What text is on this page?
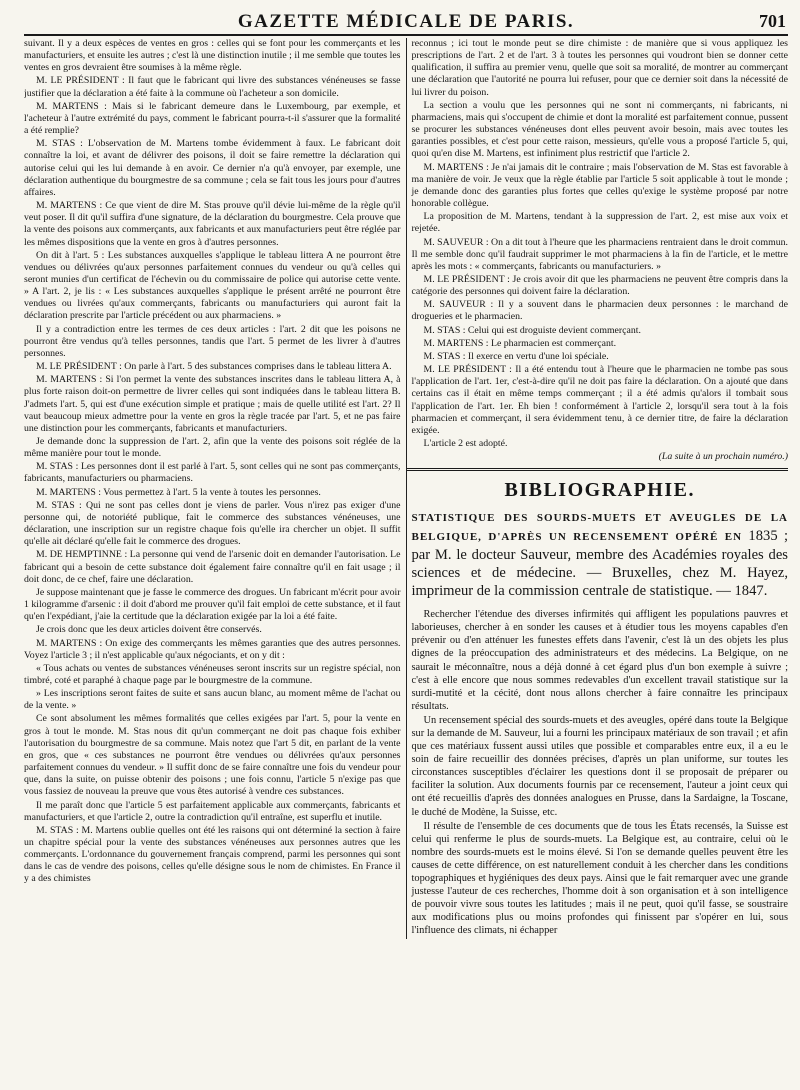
GAZETTE MÉDICALE DE PARIS.	701

suivant. Il y a deux espèces de ventes en gros : celles qui se font pour les commerçants et les manufacturiers, et ensuite les autres ; c'est là une distinction inutile ; il me semble que toutes les ventes en gros devraient être soumises à la même règle.

M. LE PRÉSIDENT : Il faut que le fabricant qui livre des substances vénéneuses se fasse justifier que la déclaration a été faite à la commune où l'acheteur a son domicile.

M. MARTENS : Mais si le fabricant demeure dans le Luxembourg, par exemple, et l'acheteur à l'autre extrémité du pays, comment le fabricant pourra-t-il s'assurer que la formalité a été remplie?

M. STAS : L'observation de M. Martens tombe évidemment à faux. Le fabricant doit connaître la loi, et avant de délivrer des poisons, il doit se faire remettre la déclaration qui autorise celui qui les lui demande à en avoir. Ce dernier n'a qu'à envoyer, par exemple, une déclaration authentique du bourgmestre de sa commune ; cela se fait tous les jours pour d'autres affaires.

M. MARTENS : Ce que vient de dire M. Stas prouve qu'il dévie lui-même de la règle qu'il veut poser. Il dit qu'il suffira d'une signature, de la déclaration du bourgmestre. Cela prouve que la vente des poisons aux commerçants, aux fabricants et aux manufacturiers peut être réglée par les mêmes dispositions que la vente en gros à d'autres personnes.

On dit à l'art. 5 : Les substances auxquelles s'applique le tableau littera A ne pourront être vendues ou délivrées qu'aux personnes parfaitement connues du vendeur ou qu'à celles qui seront munies d'un certificat de l'échevin ou du commissaire de police qui autorise cette vente. » A l'art. 2, je lis : « Les substances auxquelles s'applique le présent arrêté ne pourront être vendues ou livrées qu'aux commerçants, fabricants ou manufacturiers qui auront fait la déclaration prescrite par l'article précédent ou aux pharmaciens. »

Il y a contradiction entre les termes de ces deux articles : l'art. 2 dit que les poisons ne pourront être vendus qu'à telles personnes, tandis que l'art. 5 permet de les livrer à d'autres personnes.

M. LE PRÉSIDENT : On parle à l'art. 5 des substances comprises dans le tableau littera A.

M. MARTENS : Si l'on permet la vente des substances inscrites dans le tableau littera A, à plus forte raison doit-on permettre de livrer celles qui sont indiquées dans le tableau littera B. J'admets l'art. 5, qui est d'une exécution simple et pratique ; mais de quelle utilité est l'art. 2? Il vaut beaucoup mieux admettre pour la vente en gros la règle tracée par l'art. 5, et ne pas faire une distinction pour les commerçants, fabricants et manufacturiers.

Je demande donc la suppression de l'art. 2, afin que la vente des poisons soit réglée de la même manière pour tout le monde.

M. STAS : Les personnes dont il est parlé à l'art. 5, sont celles qui ne sont pas commerçants, fabricants, manufacturiers ou pharmaciens.

M. MARTENS : Vous permettez à l'art. 5 la vente à toutes les personnes.

M. STAS : Qui ne sont pas celles dont je viens de parler. Vous n'irez pas exiger d'une personne qui, de notoriété publique, fait le commerce des substances vénéneuses, une déclaration, une inscription sur un registre chaque fois qu'elle ira chercher un objet. Il suffit qu'elle ait déclaré qu'elle fait le commerce des drogues.

M. DE HEMPTINNE : La personne qui vend de l'arsenic doit en demander l'autorisation. Le fabricant qui a besoin de cette substance doit également faire connaître qu'il en fait usage ; il doit donc, de ce chef, faire une déclaration.

Je suppose maintenant que je fasse le commerce des drogues. Un fabricant m'écrit pour avoir 1 kilogramme d'arsenic : il doit d'abord me prouver qu'il fait emploi de cette substance, et il faut qu'en l'expédiant, j'aie la certitude que la déclaration exigée par la loi a été faite.

Je crois donc que les deux articles doivent être conservés.

M. MARTENS : On exige des commerçants les mêmes garanties que des autres personnes. Voyez l'article 3 ; il n'est applicable qu'aux négociants, et on y dit :

« Tous achats ou ventes de substances vénéneuses seront inscrits sur un registre spécial, non timbré, coté et paraphé à chaque page par le bourgmestre de la commune.

» Les inscriptions seront faites de suite et sans aucun blanc, au moment même de l'achat ou de la vente. »

Ce sont absolument les mêmes formalités que celles exigées par l'art. 5, pour la vente en gros à tout le monde. M. Stas nous dit qu'un commerçant ne doit pas chaque fois exhiber l'autorisation du bourgmestre de sa commune. Mais notez que l'art 5 dit, en parlant de la vente en gros, que « ces substances ne pourront être vendues ou délivrées qu'aux personnes parfaitement connues du vendeur. » Il suffit donc de se faire connaître une fois du vendeur pour que, dans la suite, on puisse obtenir des poisons ; une fois connu, l'article 5 n'exige pas que vous fassiez de nouveau la preuve que vous êtes autorisé à vendre ces substances.

Il me paraît donc que l'article 5 est parfaitement applicable aux commerçants, fabricants et manufacturiers, et que l'article 2, outre la contradiction qu'il entraîne, est superflu et inutile.

M. STAS : M. Martens oublie quelles ont été les raisons qui ont déterminé la section à faire un chapitre spécial pour la vente des substances vénéneuses aux personnes autres que les commerçants. L'ordonnance du gouvernement français comprend, parmi les personnes qui sont dans le cas de vendre des poisons, celles qu'elle désigne sous le nom de chimistes. En France il y a des chimistes

reconnus ; ici tout le monde peut se dire chimiste : de manière que si vous appliquez les prescriptions de l'art. 2 et de l'art. 3 à toutes les personnes qui voudront bien se donner cette qualification, il suffira au premier venu, quelle que soit sa moralité, de montrer au commerçant une déclaration que l'autorité ne pourra lui refuser, pour que ce dernier soit dans la nécessité de lui livrer du poison.

La section a voulu que les personnes qui ne sont ni commerçants, ni fabricants, ni pharmaciens, mais qui s'occupent de chimie et dont la moralité est parfaitement connue, pussent se procurer les substances vénéneuses dont elles peuvent avoir besoin, mais avec toutes les garanties possibles, et c'est pour cette raison, messieurs, qu'elle vous a proposé l'article 5, qui, quoi qu'en dise M. Martens, est infiniment plus restrictif que l'article 2.

M. MARTENS : Je n'ai jamais dit le contraire ; mais l'observation de M. Stas est favorable à ma manière de voir. Je veux que la règle établie par l'article 5 soit applicable à tout le monde ; je demande donc des garanties plus fortes que celles qu'exige le système proposé par notre honorable collègue.

La proposition de M. Martens, tendant à la suppression de l'art. 2, est mise aux voix et rejetée.

M. SAUVEUR : On a dit tout à l'heure que les pharmaciens rentraient dans le droit commun. Il me semble donc qu'il faudrait supprimer le mot pharmaciens à la fin de l'article, et le mettre après les mots : « commerçants, fabricants ou manufacturiers. »

M. LE PRÉSIDENT : Je crois avoir dit que les pharmaciens ne peuvent être compris dans la catégorie des personnes qui doivent faire la déclaration.

M. SAUVEUR : Il y a souvent dans le pharmacien deux personnes : le marchand de drogueries et le pharmacien.

M. STAS : Celui qui est droguiste devient commerçant.

M. MARTENS : Le pharmacien est commerçant.

M. STAS : Il exerce en vertu d'une loi spéciale.

M. LE PRÉSIDENT : Il a été entendu tout à l'heure que le pharmacien ne tombe pas sous l'application de l'art. 1er, c'est-à-dire qu'il ne doit pas faire la déclaration. On a ajouté que dans certains cas il était en même temps commerçant ; il a été admis qu'alors il tombait sous l'application de l'art. 1er. Eh bien ! conformément à l'article 2, lorsqu'il sera tout à la fois pharmacien et commerçant, il sera évidemment tenu, à ce dernier titre, de faire la déclaration exigée.

L'article 2 est adopté.

(La suite à un prochain numéro.)

BIBLIOGRAPHIE.

STATISTIQUE DES SOURDS-MUETS ET AVEUGLES DE LA BELGIQUE, D'APRÈS UN RECENSEMENT OPÉRÉ EN 1835 ; par M. le docteur Sauveur, membre des Académies royales des sciences et de médecine. — Bruxelles, chez M. Hayez, imprimeur de la commission centrale de statistique. — 1847.

Rechercher l'étendue des diverses infirmités qui affligent les populations pauvres et laborieuses, chercher à en sonder les causes et à étudier tous les moyens capables d'en prévenir ou d'en atténuer les funestes effets dans l'avenir, c'est là un des objets les plus dignes de la préoccupation des administrateurs et des médecins. La Belgique, on ne saurait le méconnaître, nous a déjà donné à cet égard plus d'un bon exemple à suivre ; c'est à elle encore que nous sommes redevables d'un excellent travail statistique sur la surdi-mutité et la cécité, dont nous allons chercher à faire connaître les principaux résultats.

Un recensement spécial des sourds-muets et des aveugles, opéré dans toute la Belgique sur la demande de M. Sauveur, lui a fourni les principaux matériaux de son travail ; et afin que ces matériaux fussent aussi utiles que possible et comparables entre eux, il a eu le soin de faire recueillir des données précises, d'après un plan uniforme, sur toutes les circonstances susceptibles d'éclairer les questions dont il se proposait de préparer ou faciliter la solution. Aux documents fournis par ce recensement, l'auteur a joint ceux qui ont été recueillis d'après des données analogues en Prusse, dans la Sardaigne, la Toscane, le duché de Modène, la Suisse, etc.

Il résulte de l'ensemble de ces documents que de tous les États recensés, la Suisse est celui qui renferme le plus de sourds-muets. La Belgique est, au contraire, celui où le nombre des sourds-muets est le moins élevé. Si l'on se demande quelles peuvent être les causes de cette différence, on est naturellement conduit à les chercher dans les conditions topographiques et hygiéniques des deux pays. Ainsi que le fait remarquer avec une grande justesse l'auteur de ces recherches, l'homme doit à son organisation et à son intelligence de pouvoir vivre sous toutes les latitudes ; mais il ne peut, quoi qu'il fasse, se soustraire aux modifications plus ou moins profondes qui finissent par s'opérer en lui, sous l'influence des climats, ni échapper
